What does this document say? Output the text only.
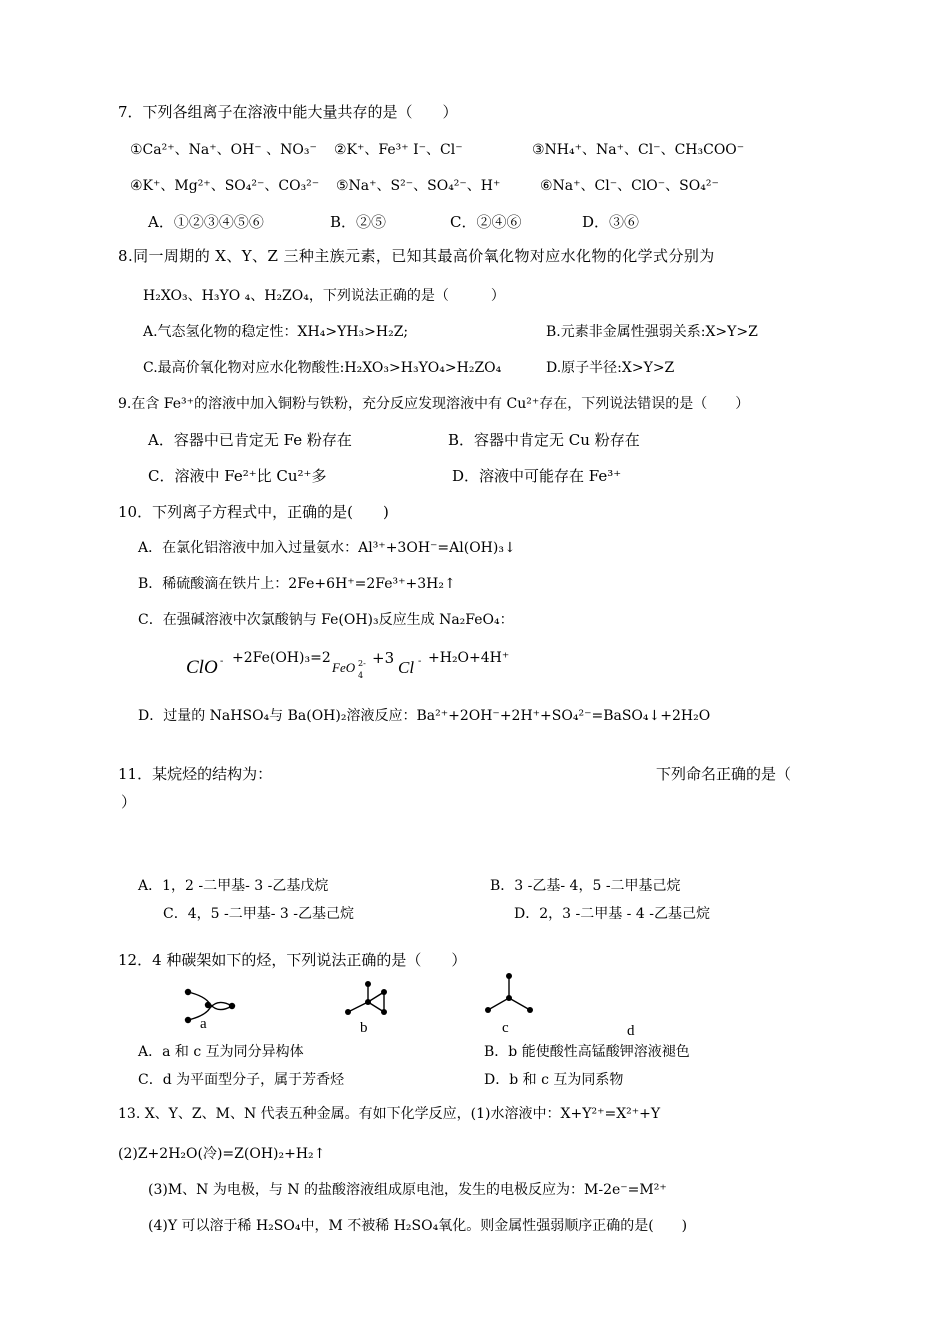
7．下列各组离子在溶液中能大量共存的是（　　）
①Ca²⁺、Na⁺、OH⁻ 、NO₃⁻ ②K⁺、Fe³⁺ I⁻、Cl⁻	③NH₄⁺、Na⁺、Cl⁻、CH₃COO⁻
④K⁺、Mg²⁺、SO₄²⁻、CO₃²⁻ ⑤Na⁺、S²⁻、SO₄²⁻、H⁺	⑥Na⁺、Cl⁻、ClO⁻、SO₄²⁻
A．①②③④⑤⑥	B．②⑤	C．②④⑥	D．③⑥
8.同一周期的 X、Y、Z 三种主族元素，已知其最高价氧化物对应水化物的化学式分别为
H₂XO₃、H₃YO ₄、H₂ZO₄，下列说法正确的是（　　　）
A.气态氢化物的稳定性：XH₄>YH₃>H₂Z;	B.元素非金属性强弱关系:X>Y>Z
C.最高价氧化物对应水化物酸性:H₂XO₃>H₃YO₄>H₂ZO₄	D.原子半径:X>Y>Z
9.在含 Fe³⁺的溶液中加入铜粉与铁粉，充分反应发现溶液中有 Cu²⁺存在，下列说法错误的是（　　）
A．容器中已肯定无 Fe 粉存在	B．容器中肯定无 Cu 粉存在
C．溶液中 Fe²⁺比 Cu²⁺多	D．溶液中可能存在 Fe³⁺
10．下列离子方程式中，正确的是(　　)
A．在氯化铝溶液中加入过量氨水：Al³⁺+3OH⁻=Al(OH)₃↓
B．稀硫酸滴在铁片上：2Fe+6H⁺=2Fe³⁺+3H₂↑
C．在强碱溶液中次氯酸钠与 Fe(OH)₃反应生成 Na₂FeO₄：
ClO - +2Fe(OH)₃=2
FeO 2-
4
+3 Cl - +H₂O+4H⁺
D．过量的 NaHSO₄与 Ba(OH)₂溶液反应：Ba²⁺+2OH⁻+2H⁺+SO₄²⁻=BaSO₄↓+2H₂O
11．某烷烃的结构为：	下列命名正确的是（
）
A．1，2 -二甲基- 3 -乙基戊烷	B．3 -乙基- 4，5 -二甲基己烷
C．4，5 -二甲基- 3 -乙基己烷	D．2，3 -二甲基 - 4 -乙基己烷
12．4 种碳架如下的烃，下列说法正确的是（　　）
a	b	c	d
A．a 和 c 互为同分异构体	B．b 能使酸性高锰酸钾溶液褪色
C．d 为平面型分子，属于芳香烃	D．b 和 c 互为同系物
13. X、Y、Z、M、N 代表五种金属。有如下化学反应，(1)水溶液中：X+Y²⁺=X²⁺+Y
(2)Z+2H₂O(冷)=Z(OH)₂+H₂↑
(3)M、N 为电极，与 N 的盐酸溶液组成原电池，发生的电极反应为：M-2e⁻=M²⁺
(4)Y 可以溶于稀 H₂SO₄中，M 不被稀 H₂SO₄氧化。则金属性强弱顺序正确的是(　　)
